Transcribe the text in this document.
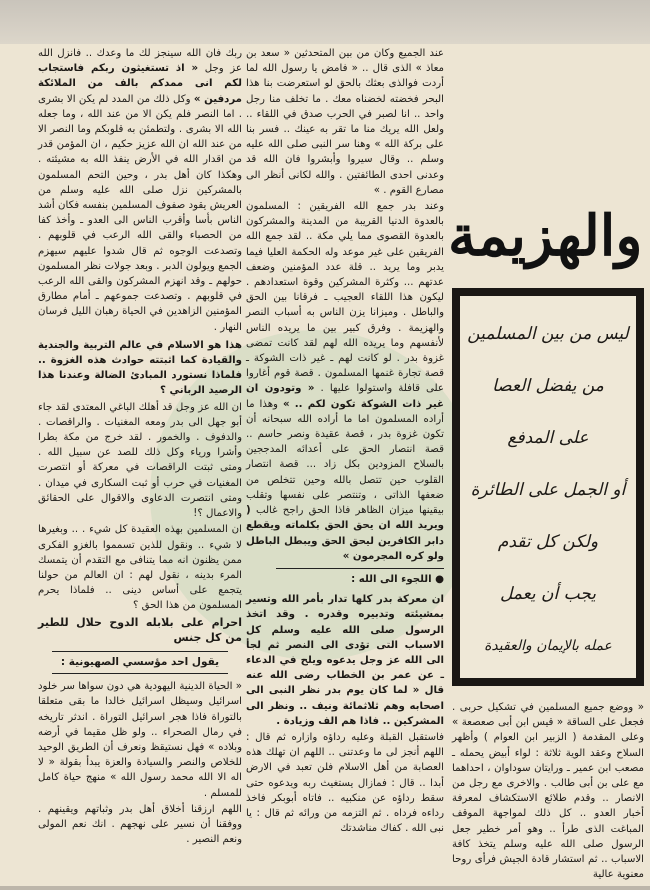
ربك فان الله سينجز لك ما وعدك .. فانزل الله عز وجل « اذ تستغيثون ربكم فاستجاب لكم انى ممدكم بالف من الملائكة مردفين » وكل ذلك من المدد لم يكن الا بشرى . اما النصر فلم يكن الا من عند الله ، وما جعله الله الا بشرى . ولتطمئن به قلوبكم وما النصر الا من عند الله ان الله عزيز حكيم ، ان المؤمن قدر من اقدار الله في الأرض ينفذ الله به مشيئته . وهكذا كان أهل بدر ، وحين التحم المسلمون بالمشركين نزل صلى الله عليه وسلم من العريش يقود صفوف المسلمين بنفسه فكان أشد الناس بأسا وأقرب الناس الى العدو ـ وأخذ كفا من الحصباء والقى الله الرعب في قلوبهم . وتصدعت الوجوه ثم قال شدوا عليهم سيهزم الجمع ويولون الدبر . وبعد جولات نظر المسلمون حولهم ـ وقد انهزم المشركون والقى الله الرعب في قلوبهم . وتصدعت جموعهم ـ أمام مطارق المؤمنين الزاهدين في الحياة رهبان الليل فرسان النهار .

هذا هو الاسلام في عالم التربية والجندية والقيادة كما اثبتته حوادث هذه الغزوة .. فلماذا نستورد المبادئ الضالة وعندنا هذا الرصيد الرباني ؟

ان الله عز وجل قد أهلك الباغي المعتدى لقد جاء أبو جهل الى بدر ومعه المغنيات . والراقصات . والدفوف . والخمور . لقد خرج من مكة بطرا وأشرا ورياء وكل ذلك للصد عن سبيل الله . ومتى ثبتت الراقصات في معركة أو انتصرت المغنيات في حرب أو ثبت السكارى في ميدان . ومتى انتصرت الدعاوى والاقوال على الحقائق والاعمال ؟!

ان المسلمين بهذه العقيدة كل شيء . .. وبغيرها لا شيء .. ونقول للذين تسمموا بالغزو الفكرى ممن يظنون انه مما يتنافى مع التقدم أن يتمسك المرء بدينه ، نقول لهم : ان العالم من حولنا يتجمع على أساس دينى .. فلماذا يحرم المسلمون من هذا الحق ؟

احرام على بلابله الدوح حلال للطير من كل جنس

يقول احد مؤسسي الصهيونية :

« الحياة الدينية اليهودية هي دون سواها سر خلود اسرائيل وسيظل اسرائيل خالدا ما بقى متعلقا بالتوراة فاذا هجر اسرائيل التوراة . اندثر تاريخه في رمال الصحراء .. ولو ظل مقيما في أرضه وبلاده » فهل نستيقظ ونعرف أن الطريق الوحيد للخلاص والنصر والسيادة والعزة يبدأ بقولة « لا اله الا الله محمد رسول الله » منهج حياة كامل للمسلم .

اللهم ارزقنا أخلاق أهل بدر وثباتهم ويقينهم . ووفقنا أن نسير على نهجهم . انك نعم المولى ونعم النصير .

عند الجميع وكان من بين المتحدثين « سعد بن معاذ » الذى قال .. « فامض يا رسول الله لما أردت فوالذى بعثك بالحق لو استعرضت بنا هذا البحر فخضته لخضناه معك . ما تخلف منا رجل واحد .. انا لصبر في الحرب صدق في اللقاء .. ولعل الله يريك منا ما تقر به عينك .. فسر بنا على بركة الله » وهنا سر النبى صلى الله عليه وسلم .. وقال سيروا وأبشروا فان الله قد وعدنى احدى الطائفتين . والله لكانى أنظر الى مصارع القوم . »

وعند بدر جمع الله الفريقين : المسلمون بالعدوة الدنيا القريبة من المدينة والمشركون بالعدوة القصوى مما يلي مكة .. لقد جمع الله الفريقين على غير موعد وله الحكمة العليا فيما يدبر وما يريد .. قلة عدد المؤمنين وضعف عدتهم ... وكثرة المشركين وقوة استعدادهم . ليكون هذا اللقاء العجيب ـ فرقانا بين الحق والباطل . وميزانا يزن الناس به أسباب النصر والهزيمة . وفرق كبير بين ما يريده الناس لأنفسهم وما يريده الله لهم لقد كانت تمضى غزوة بدر . لو كانت لهم ـ غير ذات الشوكة ـ قصة تجارة غنمها المسلمون . قصة قوم أغاروا على قافلة واستولوا عليها . « وتودون ان غير ذات الشوكة تكون لكم .. » وهذا ما أراده المسلمون اما ما أراده الله سبحانه أن تكون غزوة بدر ، قصة عقيدة ونصر حاسم .. قصة انتصار الحق على أعدائه المدججين بالسلاح المزودين بكل زاد ... قصة انتصار القلوب حين تتصل بالله وحين تتخلص من ضعفها الذاتى ، وتنتصر على نفسها وتقلب بيقينها ميزان الظاهر فاذا الحق راجح غالب ( ويريد الله ان يحق الحق بكلماته ويقطع دابر الكافرين ليحق الحق ويبطل الباطل ولو كره المجرمون »

● اللجوء الى الله :

ان معركة بدر كلها تدار بأمر الله وتسير بمشيئته وتدبيره وقدره . وقد اتخذ الرسول صلى الله عليه وسلم كل الاسباب التى تؤدى الى النصر ثم لجأ الى الله عز وجل يدعوه ويلح في الدعاء ـ عن عمر بن الخطاب رضى الله عنه قال « لما كان يوم بدر نظر النبى الى اصحابه وهم ثلاثمائة ونيف .. ونظر الى المشركين .. فاذا هم الف وزيادة .

فاستقبل القبلة وعليه رداؤه وازاره ثم قال : اللهم أنجز لى ما وعدتنى .. اللهم ان تهلك هذه العصابة من أهل الاسلام فلن تعبد في الارض أبدا .. قال : فمازال يستغيث ربه ويدعوه حتى سقط رداؤه عن منكبيه .. فاتاه أبوبكر فاخذ رداءه فرداه . ثم التزمه من ورائه ثم قال : يا نبى الله . كفاك مناشدتك

والهزيمة
ليس من بين المسلمين
من يفضل العصا
على المدفع
أو الجمل على الطائرة
ولكن كل تقدم
يجب أن يعمل
عمله بالإيمان والعقيدة

« ووضع جميع المسلمين في تشكيل حربى . فجعل على الساقة « قيس ابن أبى صعصعة » وعلى المقدمة ( الزبير ابن العوام ) وأظهر السلاح وعقد الوية ثلاثة : لواء أبيض يحمله ـ مصعب ابن عمير ـ ورايتان سوداوان ، احداهما مع على بن أبى طالب . والاخرى مع رجل من الانصار .. وقدم طلائع الاستكشاف لمعرفة أخبار العدو .. كل ذلك لمواجهة الموقف المباغت الذى طرأ .. وهو أمر خطير جعل الرسول صلى الله عليه وسلم يتخذ كافة الاسباب .. ثم استشار قادة الجيش فرأى روحا معنوية عالية
